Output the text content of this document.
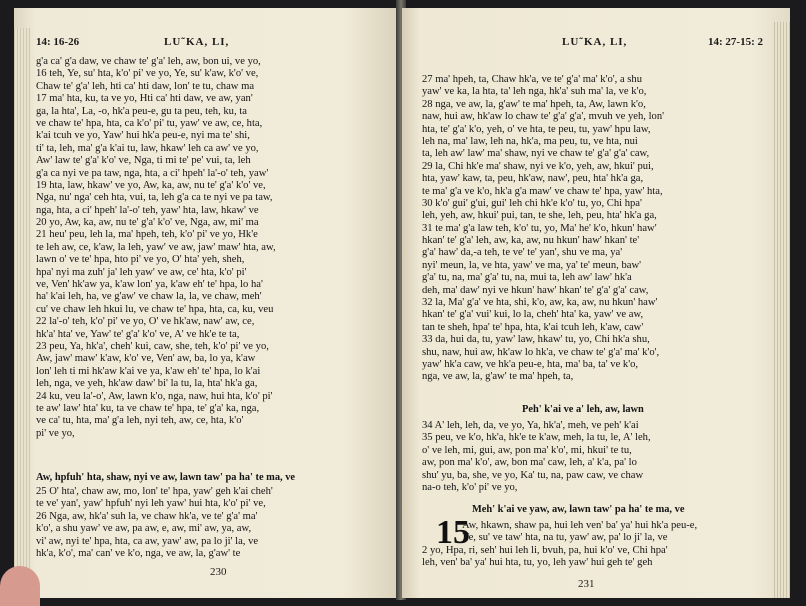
14: 16-26	LU˜KA, LI,
g'a ca' g'a daw, ve chaw te' g'a' leh, aw, bon ui, ve yo,
16 teh, Ye, su' hta, k'o' pi' ve yo, Ye, su' k'aw, k'o' ve,
Chaw te' g'a' leh, hti ca' hti daw, lon' te tu, chaw ma
17 ma' hta, ku, ta ve yo, Hti ca' hti daw, ve aw, yan'
ga, la hta', La, -o, hk'a peu-e, gu ta peu, teh, ku, ta
ve chaw te' hpa, hta, ca k'o' pi' tu, yaw' ve aw, ce, hta,
k'ai tcuh ve yo, Yaw' hui hk'a peu-e, nyi ma te' shi,
ti' ta, leh, ma' g'a k'ai tu, law, hkaw' leh ca aw' ve yo,
Aw' law te' g'a' k'o' ve, Nga, ti mi te' pe' vui, ta, leh
g'a ca nyi ve pa taw, nga, hta, a ci' hpeh' la'-o' teh, yaw'
19 hta, law, hkaw' ve yo, Aw, ka, aw, nu te' g'a' k'o' ve,
Nga, nu' nga' ceh hta, vui, ta, leh g'a ca te nyi ve pa taw,
nga, hta, a ci' hpeh' la'-o' teh, yaw' hta, law, hkaw' ve
20 yo, Aw, ka, aw, nu te' g'a' k'o' ve, Nga, aw, mi' ma
21 heu' peu, leh la, ma' hpeh, teh, k'o' pi' ve yo, Hk'e
te leh aw, ce, k'aw, la leh, yaw' ve aw, jaw' maw' hta, aw,
lawn o' ve te' hpa, hto pi' ve yo, O' hta' yeh, sheh,
hpa' nyi ma zuh' ja' leh yaw' ve aw, ce' hta, k'o' pi'
ve, Ven' hk'aw ya, k'aw lon' ya, k'aw eh' te' hpa, lo ha'
ha' k'ai leh, ha, ve g'aw' ve chaw la, la, ve chaw, meh'
cu' ve chaw leh hkui lu, ve chaw te' hpa, hta, ca, ku, veu
22 la'-o' teh, k'o' pi' ve yo, O' ve hk'aw, naw' aw, ce,
hk'a' hta' ve, Yaw' te' g'a' k'o' ve, A' ve hk'e te ta,
23 peu, Ya, hk'a', cheh' kui, caw, she, teh, k'o' pi' ve yo,
Aw, jaw' maw' k'aw, k'o' ve, Ven' aw, ba, lo ya, k'aw
lon' leh ti mi hk'aw k'ai ve ya, k'aw eh' te' hpa, lo k'ai
leh, nga, ve yeh, hk'aw daw' bi' la tu, la, hta' hk'a ga,
24 ku, veu la'-o', Aw, lawn k'o, nga, naw, hui hta, k'o' pi'
te aw' law' hta' ku, ta ve chaw te' hpa, te' g'a' ka, nga,
ve ca' tu, hta, ma' g'a leh, nyi teh, aw, ce, hta, k'o'
pi' ve yo,
Aw, hpfuh' hta, shaw, nyi ve aw, lawn taw' pa ha' te ma, ve
25 O' hta', chaw aw, mo, lon' te' hpa, yaw' geh k'ai cheh'
te ve' yan', yaw' hpfuh' nyi leh yaw' hui hta, k'o' pi' ve,
26 Nga, aw, hk'a' suh la, ve chaw hk'a, ve te' g'a' ma'
k'o', a shu yaw' ve aw, pa aw, e, aw, mi' aw, ya, aw,
vi' aw, nyi te' hpa, hta, ca aw, yaw' aw, pa lo ji' la, ve
hk'a, k'o', ma' can' ve k'o, nga, ve aw, la, g'aw' te
230
LU˜KA, LI,	14: 27-15: 2
27 ma' hpeh, ta, Chaw hk'a, ve te' g'a' ma' k'o', a shu
yaw' ve ka, la hta, ta' leh nga, hk'a' suh ma' la, ve k'o,
28 nga, ve aw, la, g'aw' te ma' hpeh, ta, Aw, lawn k'o,
naw, hui aw, hk'aw lo chaw te' g'a' g'a', mvuh ve yeh, lon'
hta, te' g'a' k'o, yeh, o' ve hta, te peu, tu, yaw' hpu law,
leh na, ma' law, leh na, hk'a, ma peu, tu, ve hta, nui
ta, leh aw' law' ma' shaw, nyi ve chaw te' g'a' g'a' caw,
29 la, Chi hk'e ma' shaw, nyi ve k'o, yeh, aw, hkui' pui,
hta, yaw' kaw, ta, peu, hk'aw, naw', peu, hta' hk'a ga,
te ma' g'a ve k'o, hk'a g'a maw' ve chaw te' hpa, yaw' hta,
30 k'o' gui' g'ui, gui' leh chi hk'e k'o' tu, yo, Chi hpa'
leh, yeh, aw, hkui' pui, tan, te she, leh, peu, hta' hk'a ga,
31 te ma' g'a law teh, k'o' tu, yo, Ma' he' k'o, hkun' haw'
hkan' te' g'a' leh, aw, ka, aw, nu hkun' haw' hkan' te'
g'a' haw' da,-a teh, te ve' te' yan', shu ve ma, ya'
nyi' meun, la, ve hta, yaw' ve ma, ya' te' meun, baw'
g'a' tu, na, ma' g'a' tu, na, mui ta, leh aw' law' hk'a
deh, ma' daw' nyi ve hkun' haw' hkan' te' g'a' g'a' caw,
32 la, Ma' g'a' ve hta, shi, k'o, aw, ka, aw, nu hkun' haw'
hkan' te' g'a' vui' kui, lo la, cheh' hta' ka, yaw' ve aw,
tan te sheh, hpa' te' hpa, hta, k'ai tcuh leh, k'aw, caw'
33 da, hui da, tu, yaw' law, hkaw' tu, yo, Chi hk'a shu,
shu, naw, hui aw, hk'aw lo hk'a, ve chaw te' g'a' ma' k'o',
yaw' hk'a caw, ve hk'a peu-e, hta, ma' ba, ta' ve k'o,
nga, ve aw, la, g'aw' te ma' hpeh, ta,
Peh' k'ai ve a' leh, aw, lawn
34 A' leh, leh, da, ve yo, Ya, hk'a', meh, ve peh' k'ai
35 peu, ve k'o, hk'a, hk'e te k'aw, meh, la tu, le, A' leh,
o' ve leh, mi, gui, aw, pon ma' k'o', mi, hkui' te tu,
aw, pon ma' k'o', aw, bon ma' caw, leh, a' k'a, pa' lo
shu' yu, ba, she, ve yo, Ka' tu, na, paw caw, ve chaw
na-o teh, k'o' pi' ve yo,
Meh' k'ai ve yaw, aw, lawn taw' pa ha' te ma, ve
15
Aw, hkawn, shaw pa, hui leh ven' ba' ya' hui hk'a peu-e,
Ye, su' ve taw' hta, na tu, yaw' aw, pa' lo ji' la, ve
2 yo, Hpa, ri, seh' hui leh li, bvuh, pa, hui k'o' ve, Chi hpa'
leh, ven' ba' ya' hui hta, tu, yo, leh yaw' hui geh te' geh
231
